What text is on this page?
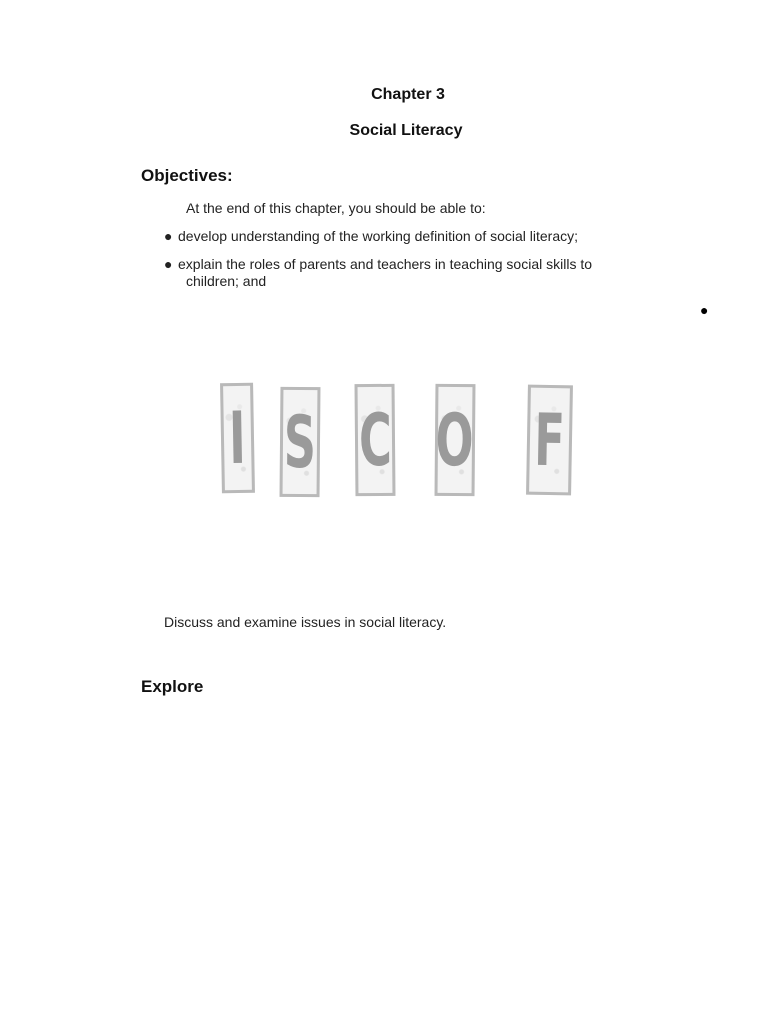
Chapter 3
Social Literacy
Objectives:
At the end of this chapter, you should be able to:
● develop understanding of the working definition of social literacy;
● explain the roles of parents and teachers in teaching social skills to
children; and
●
I S C O F
Discuss and examine issues in social literacy.
Explore
